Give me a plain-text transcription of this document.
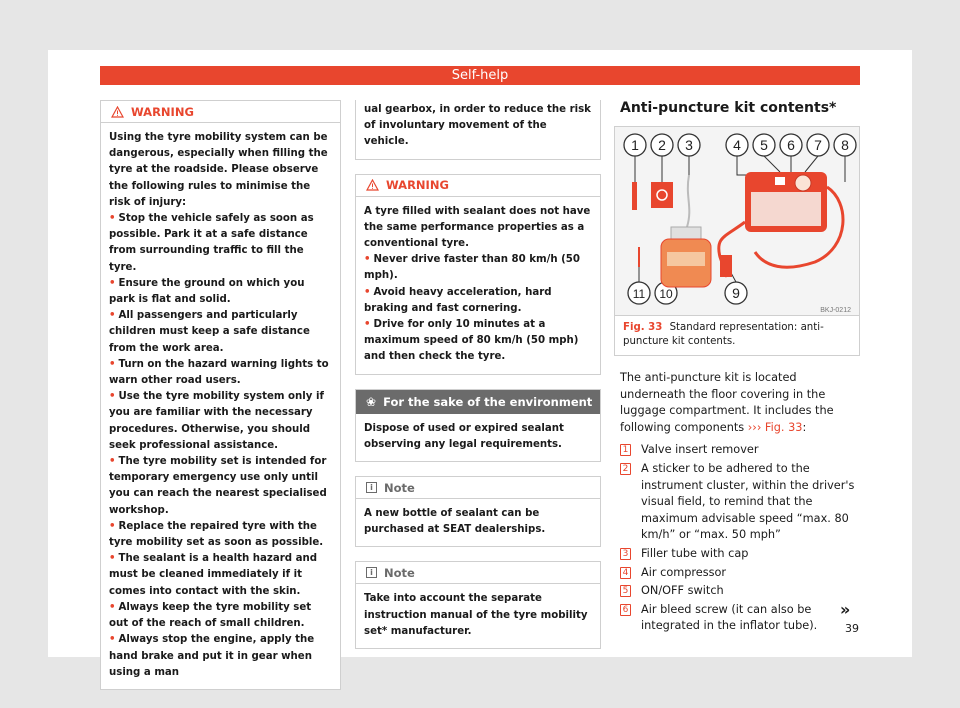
Self-help
WARNING

Using the tyre mobility system can be dangerous, especially when filling the tyre at the roadside. Please observe the following rules to minimise the risk of injury:

• Stop the vehicle safely as soon as possible. Park it at a safe distance from surrounding traffic to fill the tyre.

• Ensure the ground on which you park is flat and solid.

• All passengers and particularly children must keep a safe distance from the work area.

• Turn on the hazard warning lights to warn other road users.

• Use the tyre mobility system only if you are familiar with the necessary procedures. Otherwise, you should seek professional assistance.

• The tyre mobility set is intended for temporary emergency use only until you can reach the nearest specialised workshop.

• Replace the repaired tyre with the tyre mobility set as soon as possible.

• The sealant is a health hazard and must be cleaned immediately if it comes into contact with the skin.

• Always keep the tyre mobility set out of the reach of small children.

• Always stop the engine, apply the hand brake and put it in gear when using a man

ual gearbox, in order to reduce the risk of involuntary movement of the vehicle.
WARNING

A tyre filled with sealant does not have the same performance properties as a conventional tyre.

• Never drive faster than 80 km/h (50 mph).

• Avoid heavy acceleration, hard braking and fast cornering.

• Drive for only 10 minutes at a maximum speed of 80 km/h (50 mph) and then check the tyre.

❀ For the sake of the environment
Dispose of used or expired sealant observing any legal requirements.
i Note
A new bottle of sealant can be purchased at SEAT dealerships.
i Note
Take into account the separate instruction manual of the tyre mobility set* manufacturer.
Anti-puncture kit contents*
1 2 3	4 5 6 7 8
9
10
11
BKJ-0212
Fig. 33 Standard representation: anti-puncture kit contents.

The anti-puncture kit is located underneath the floor covering in the luggage compartment. It includes the following components ››› Fig. 33:

1 Valve insert remover
2 A sticker to be adhered to the instrument cluster, within the driver's visual field, to remind that the maximum advisable speed “max. 80 km/h” or “max. 50 mph”
3 Filler tube with cap
4 Air compressor
5 ON/OFF switch
6 Air bleed screw (it can also be integrated in the inflator tube).
»
39
